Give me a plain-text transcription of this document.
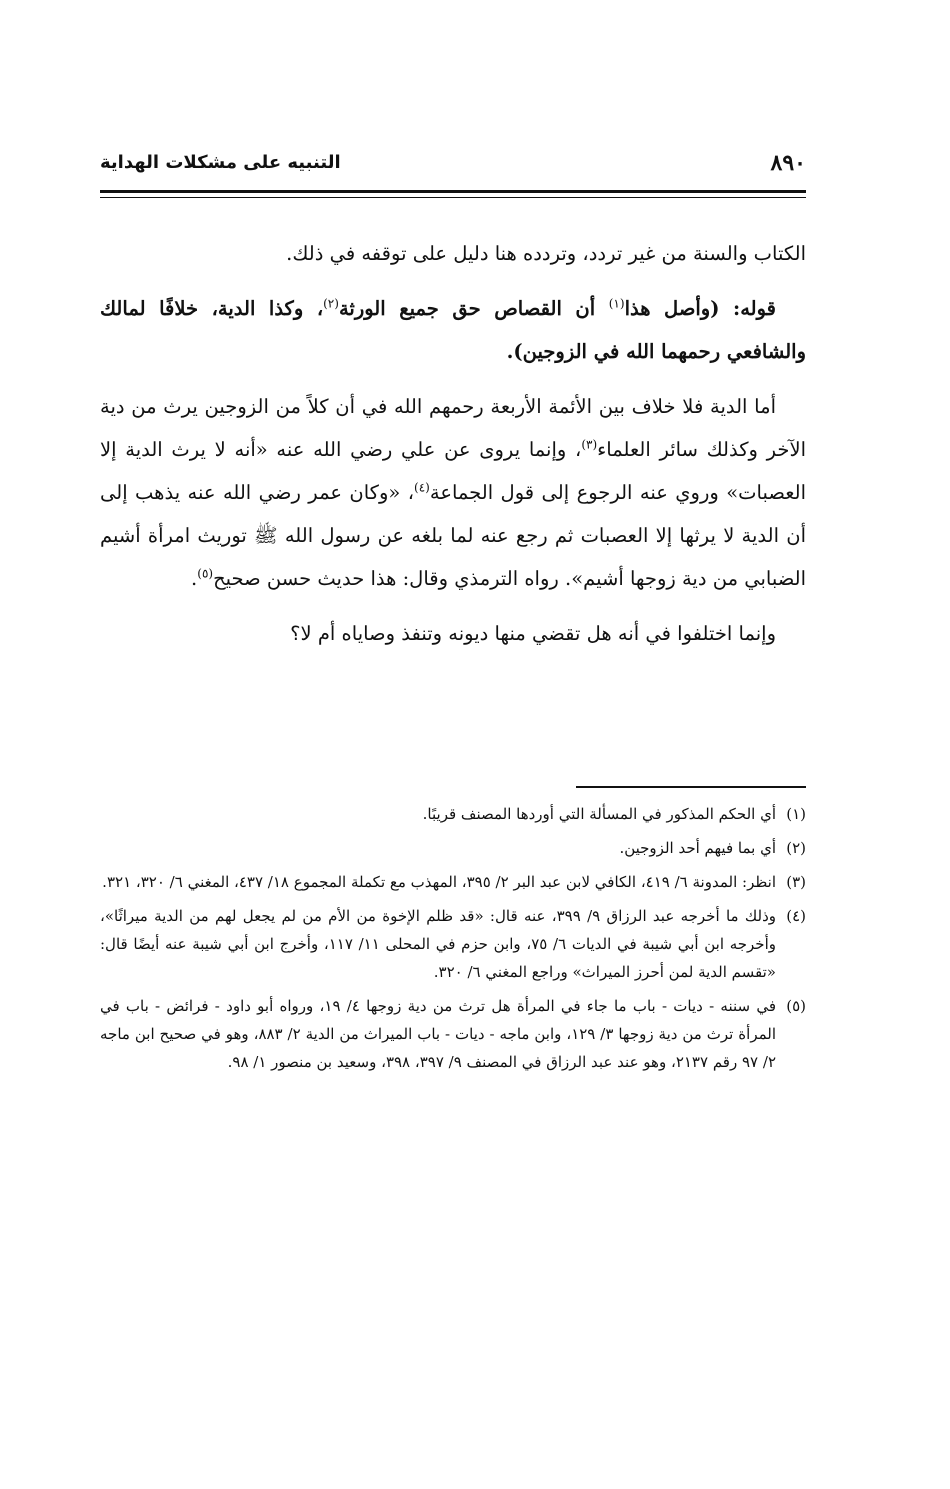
٨٩٠
التنبيه على مشكلات الهداية

الكتاب والسنة من غير تردد، وتردده هنا دليل على توقفه في ذلك.

قوله: (وأصل هذا$^{(١)}$ أن القصاص حق جميع الورثة$^{(٢)}$، وكذا الدية، خلافًا لمالك والشافعي رحمهما الله في الزوجين).

أما الدية فلا خلاف بين الأئمة الأربعة رحمهم الله في أن كلاً من الزوجين يرث من دية الآخر وكذلك سائر العلماء$^{(٣)}$، وإنما يروى عن علي رضي الله عنه «أنه لا يرث الدية إلا العصبات» وروي عنه الرجوع إلى قول الجماعة$^{(٤)}$، «وكان عمر رضي الله عنه يذهب إلى أن الدية لا يرثها إلا العصبات ثم رجع عنه لما بلغه عن رسول الله ﷺ توريث امرأة أشيم الضبابي من دية زوجها أشيم». رواه الترمذي وقال: هذا حديث حسن صحيح$^{(٥)}$.

وإنما اختلفوا في أنه هل تقضي منها ديونه وتنفذ وصاياه أم لا؟

(١)
أي الحكم المذكور في المسألة التي أوردها المصنف قريبًا.
(٢)
أي بما فيهم أحد الزوجين.
(٣)
انظر: المدونة ٦/ ٤١٩، الكافي لابن عبد البر ٢/ ٣٩٥، المهذب مع تكملة المجموع ١٨/ ٤٣٧، المغني ٦/ ٣٢٠، ٣٢١.
(٤)
وذلك ما أخرجه عبد الرزاق ٩/ ٣٩٩، عنه قال: «قد ظلم الإخوة من الأم من لم يجعل لهم من الدية ميراثًا»، وأخرجه ابن أبي شيبة في الديات ٦/ ٧٥، وابن حزم في المحلى ١١/ ١١٧، وأخرج ابن أبي شيبة عنه أيضًا قال: «تقسم الدية لمن أحرز الميراث» وراجع المغني ٦/ ٣٢٠.
(٥)
في سننه - ديات - باب ما جاء في المرأة هل ترث من دية زوجها ٤/ ١٩، ورواه أبو داود - فرائض - باب في المرأة ترث من دية زوجها ٣/ ١٢٩، وابن ماجه - ديات - باب الميراث من الدية ٢/ ٨٨٣، وهو في صحيح ابن ماجه ٢/ ٩٧ رقم ٢١٣٧، وهو عند عبد الرزاق في المصنف ٩/ ٣٩٧، ٣٩٨، وسعيد بن منصور ١/ ٩٨.
